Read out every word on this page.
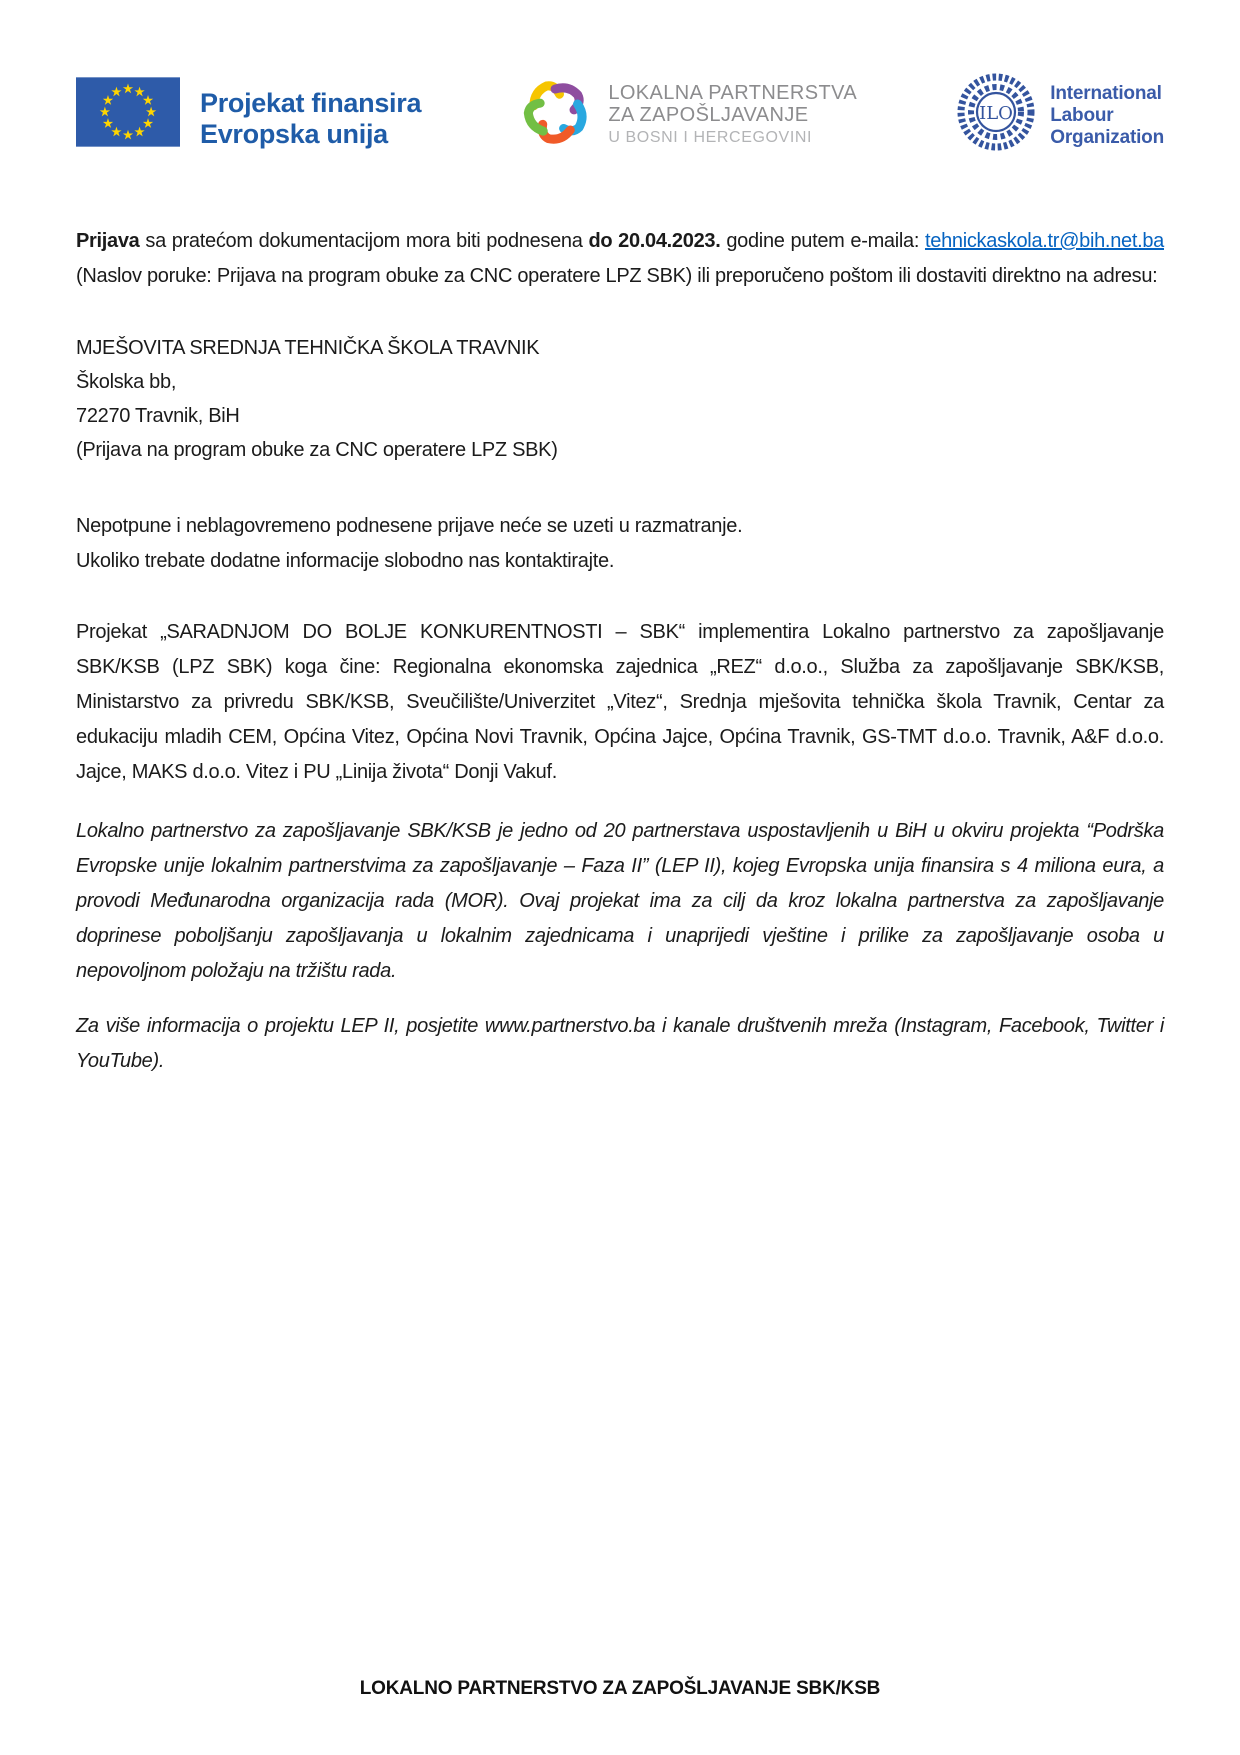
Projekat finansira
Evropska unija
LOKALNA PARTNERSTVA
ZA ZAPOŠLJAVANJE
U BOSNI I HERCEGOVINI
ILO
International
Labour
Organization

Prijava sa pratećom dokumentacijom mora biti podnesena do 20.04.2023. godine putem e-maila: tehnickaskola.tr@bih.net.ba (Naslov poruke: Prijava na program obuke za CNC operatere LPZ SBK) ili preporučeno poštom ili dostaviti direktno na adresu:

MJEŠOVITA SREDNJA TEHNIČKA ŠKOLA TRAVNIK
Školska bb,
72270 Travnik, BiH
(Prijava na program obuke za CNC operatere LPZ SBK)
Nepotpune i neblagovremeno podnesene prijave neće se uzeti u razmatranje.
Ukoliko trebate dodatne informacije slobodno nas kontaktirajte.

Projekat „SARADNJOM DO BOLJE KONKURENTNOSTI – SBK“ implementira Lokalno partnerstvo za zapošljavanje SBK/KSB (LPZ SBK) koga čine: Regionalna ekonomska zajednica „REZ“ d.o.o., Služba za zapošljavanje SBK/KSB, Ministarstvo za privredu SBK/KSB, Sveučilište/Univerzitet „Vitez“, Srednja mješovita tehnička škola Travnik, Centar za edukaciju mladih CEM, Općina Vitez, Općina Novi Travnik, Općina Jajce, Općina Travnik, GS-TMT d.o.o. Travnik, A&F d.o.o. Jajce, MAKS d.o.o. Vitez i PU „Linija života“ Donji Vakuf.

Lokalno partnerstvo za zapošljavanje SBK/KSB je jedno od 20 partnerstava uspostavljenih u BiH u okviru projekta “Podrška Evropske unije lokalnim partnerstvima za zapošljavanje – Faza II” (LEP II), kojeg Evropska unija finansira s 4 miliona eura, a provodi Međunarodna organizacija rada (MOR). Ovaj projekat ima za cilj da kroz lokalna partnerstva za zapošljavanje doprinese poboljšanju zapošljavanja u lokalnim zajednicama i unaprijedi vještine i prilike za zapošljavanje osoba u nepovoljnom položaju na tržištu rada.

Za više informacija o projektu LEP II, posjetite www.partnerstvo.ba i kanale društvenih mreža (Instagram, Facebook, Twitter i YouTube).

LOKALNO PARTNERSTVO ZA ZAPOŠLJAVANJE SBK/KSB
